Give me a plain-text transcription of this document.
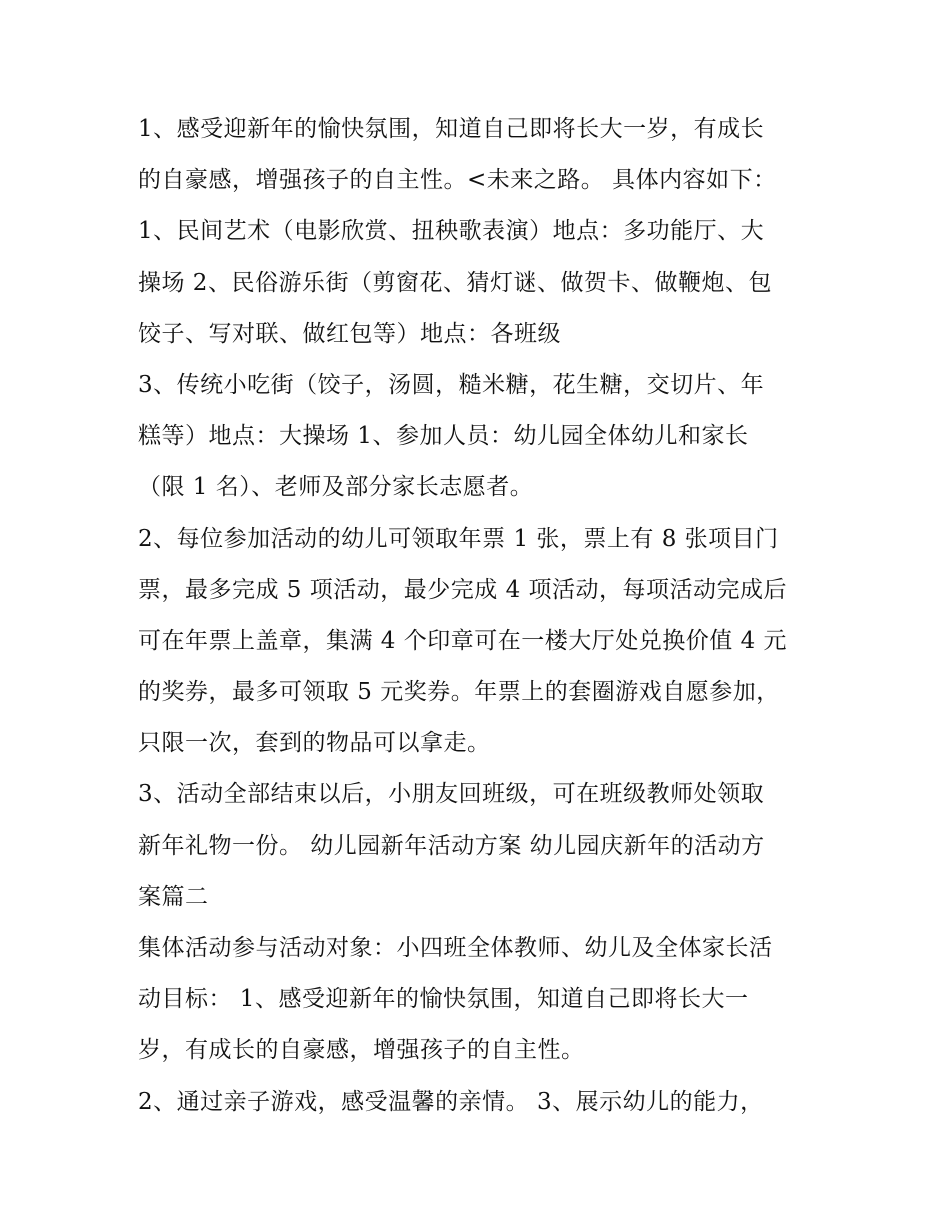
1、感受迎新年的愉快氛围，知道自己即将长大一岁，有成长
的自豪感，增强孩子的自主性。<未来之路。 具体内容如下：
1、民间艺术（电影欣赏、扭秧歌表演）地点：多功能厅、大
操场 2、民俗游乐街（剪窗花、猜灯谜、做贺卡、做鞭炮、包
饺子、写对联、做红包等）地点：各班级
3、传统小吃街（饺子，汤圆，糙米糖，花生糖，交切片、年
糕等）地点：大操场 1、参加人员：幼儿园全体幼儿和家长
（限 1 名）、老师及部分家长志愿者。
2、每位参加活动的幼儿可领取年票 1 张，票上有 8 张项目门
票，最多完成 5 项活动，最少完成 4 项活动，每项活动完成后
可在年票上盖章，集满 4 个印章可在一楼大厅处兑换价值 4 元
的奖券，最多可领取 5 元奖券。年票上的套圈游戏自愿参加，
只限一次，套到的物品可以拿走。
3、活动全部结束以后，小朋友回班级，可在班级教师处领取
新年礼物一份。 幼儿园新年活动方案 幼儿园庆新年的活动方
案篇二
集体活动参与活动对象：小四班全体教师、幼儿及全体家长活
动目标： 1、感受迎新年的愉快氛围，知道自己即将长大一
岁，有成长的自豪感，增强孩子的自主性。
2、通过亲子游戏，感受温馨的亲情。 3、展示幼儿的能力，
